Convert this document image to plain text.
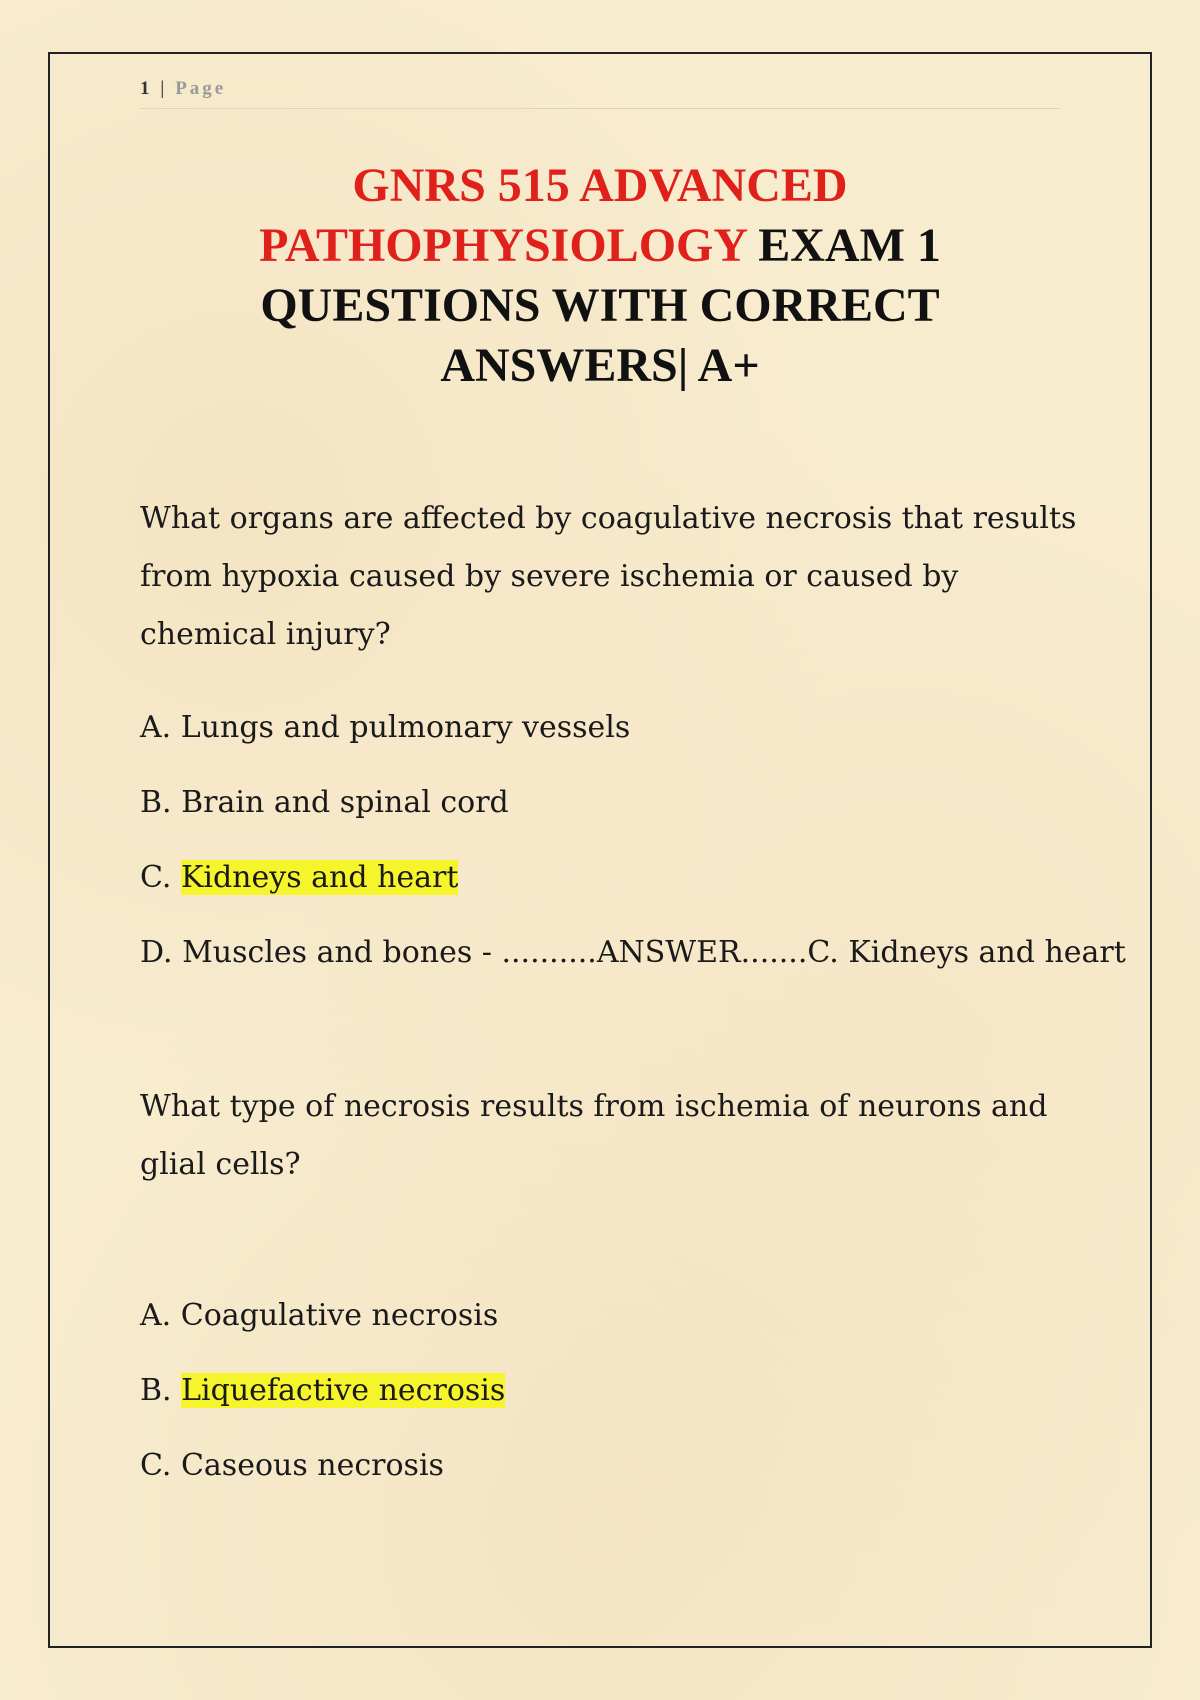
1 | Page
GNRS 515 ADVANCED PATHOPHYSIOLOGY EXAM 1 QUESTIONS WITH CORRECT ANSWERS| A+
What organs are affected by coagulative necrosis that results from hypoxia caused by severe ischemia or caused by chemical injury?
A. Lungs and pulmonary vessels
B. Brain and spinal cord
C. Kidneys and heart
D. Muscles and bones - ..........ANSWER.......C. Kidneys and heart
What type of necrosis results from ischemia of neurons and glial cells?
A. Coagulative necrosis
B. Liquefactive necrosis
C. Caseous necrosis
